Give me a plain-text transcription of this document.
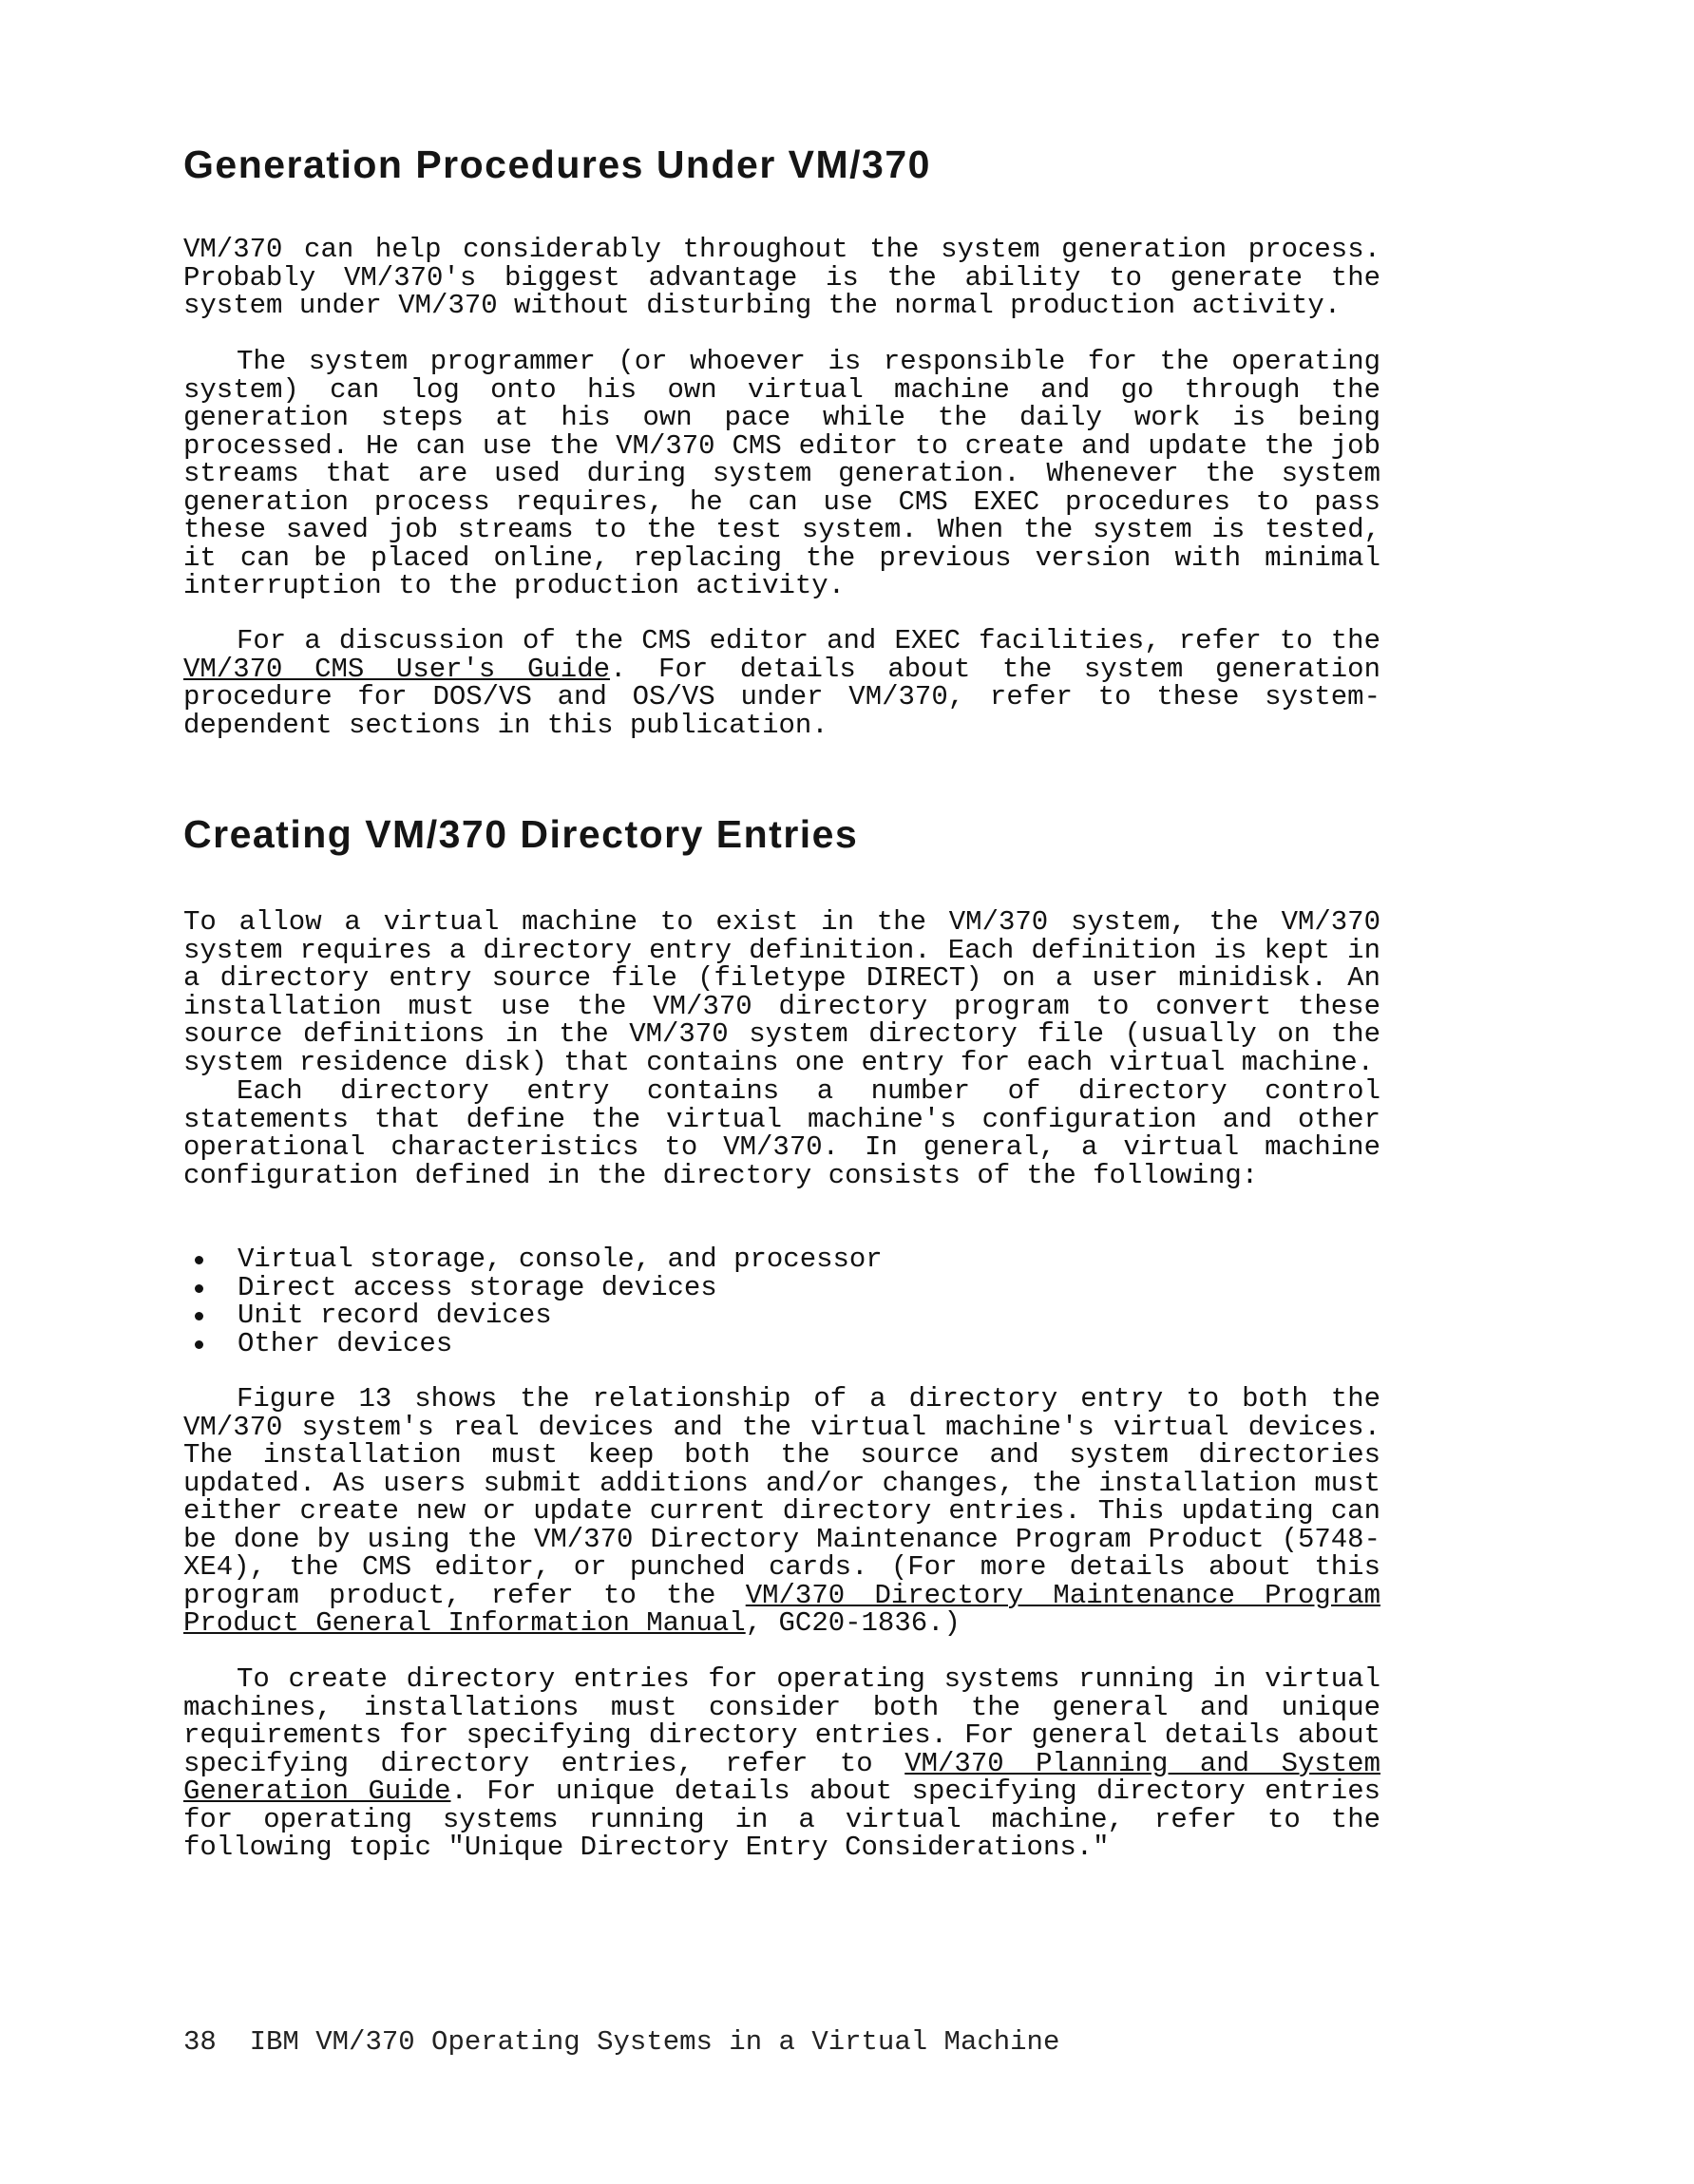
Generation Procedures Under VM/370

VM/370 can help considerably throughout the system generation process. Probably VM/370's biggest advantage is the ability to generate the system under VM/370 without disturbing the normal production activity.

The system programmer (or whoever is responsible for the operating system) can log onto his own virtual machine and go through the generation steps at his own pace while the daily work is being processed. He can use the VM/370 CMS editor to create and update the job streams that are used during system generation. Whenever the system generation process requires, he can use CMS EXEC procedures to pass these saved job streams to the test system. When the system is tested, it can be placed online, replacing the previous version with minimal interruption to the production activity.

For a discussion of the CMS editor and EXEC facilities, refer to the VM/370 CMS User's Guide. For details about the system generation procedure for DOS/VS and OS/VS under VM/370, refer to these system-dependent sections in this publication.

Creating VM/370 Directory Entries

To allow a virtual machine to exist in the VM/370 system, the VM/370 system requires a directory entry definition. Each definition is kept in a directory entry source file (filetype DIRECT) on a user minidisk. An installation must use the VM/370 directory program to convert these source definitions in the VM/370 system directory file (usually on the system residence disk) that contains one entry for each virtual machine.

Each directory entry contains a number of directory control statements that define the virtual machine's configuration and other operational characteristics to VM/370. In general, a virtual machine configuration defined in the directory consists of the following:

Virtual storage, console, and processor
Direct access storage devices
Unit record devices
Other devices

Figure 13 shows the relationship of a directory entry to both the VM/370 system's real devices and the virtual machine's virtual devices. The installation must keep both the source and system directories updated. As users submit additions and/or changes, the installation must either create new or update current directory entries. This updating can be done by using the VM/370 Directory Maintenance Program Product (5748-XE4), the CMS editor, or punched cards. (For more details about this program product, refer to the VM/370 Directory Maintenance Program Product General Information Manual, GC20-1836.)

To create directory entries for operating systems running in virtual machines, installations must consider both the general and unique requirements for specifying directory entries. For general details about specifying directory entries, refer to VM/370 Planning and System Generation Guide. For unique details about specifying directory entries for operating systems running in a virtual machine, refer to the following topic "Unique Directory Entry Considerations."

38 IBM VM/370 Operating Systems in a Virtual Machine
